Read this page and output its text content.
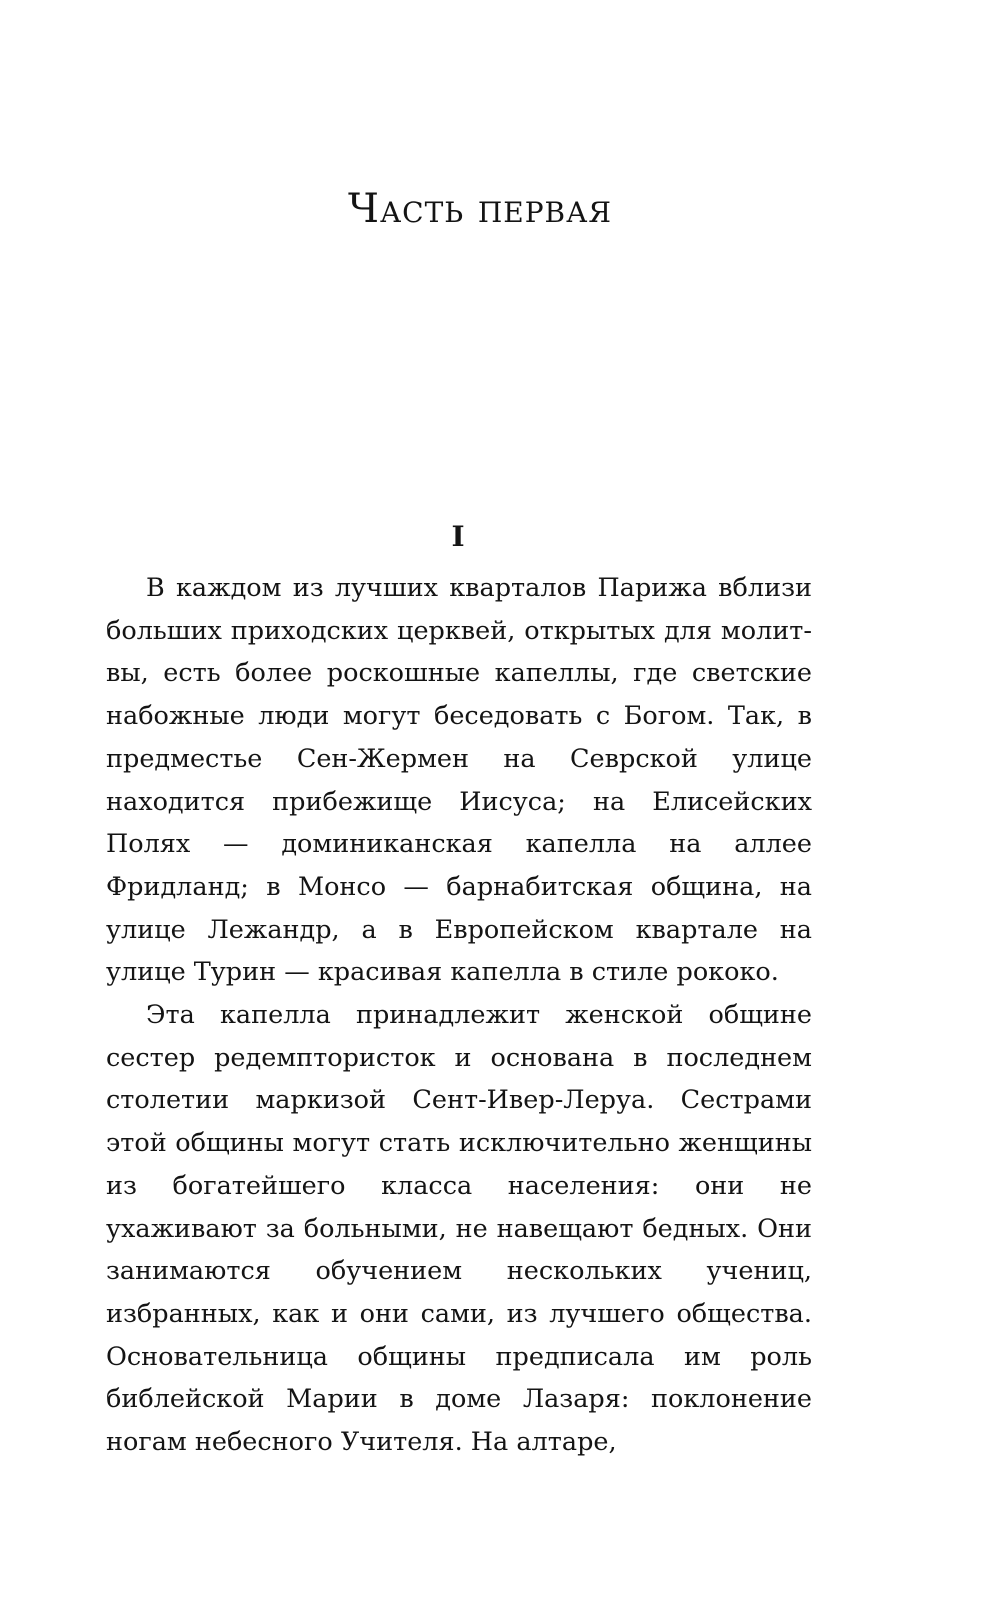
Часть первая
I

В каждом из лучших кварталов Парижа вблизи больших приходских церквей, открытых для молитвы, есть более роскошные капеллы, где светские набожные люди могут беседовать с Богом. Так, в предместье Сен-Жермен на Севрской улице находится прибежище Иисуса; на Елисейских Полях — доминиканская капелла на аллее Фридланд; в Монсо — барнабитская община, на улице Лежандр, а в Европейском квартале на улице Турин — красивая капелла в стиле рококо.

Эта капелла принадлежит женской общине сестер редемптористок и основана в последнем столетии маркизой Сент-Ивер-Леруа. Сестрами этой общины могут стать исключительно женщины из богатейшего класса населения: они не ухаживают за больными, не навещают бедных. Они занимаются обучением нескольких учениц, избранных, как и они сами, из лучшего общества. Основательница общины предписала им роль библейской Марии в доме Лазаря: поклонение ногам небесного Учителя. На алтаре,
